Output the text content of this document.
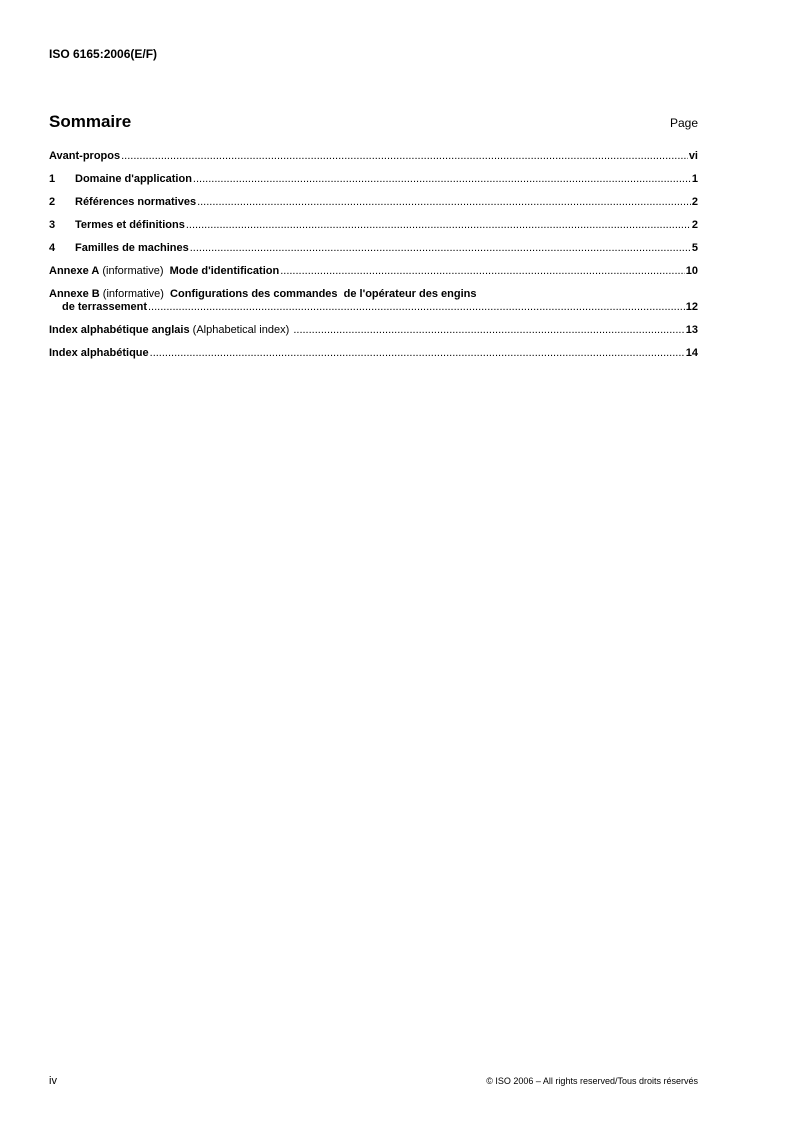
ISO 6165:2006(E/F)
Sommaire	Page
Avant-propos .....	vi
1 Domaine d'application .....	1
2 Références normatives .....	2
3 Termes et définitions .....	2
4 Familles de machines .....	5
Annexe A (informative)  Mode d'identification .....	10
Annexe B (informative)  Configurations des commandes  de l'opérateur des engins
de terrassement .....	12
Index alphabétique anglais (Alphabetical index) .....	13
Index alphabétique .....	14
iv	© ISO 2006 – All rights reserved/Tous droits réservés
